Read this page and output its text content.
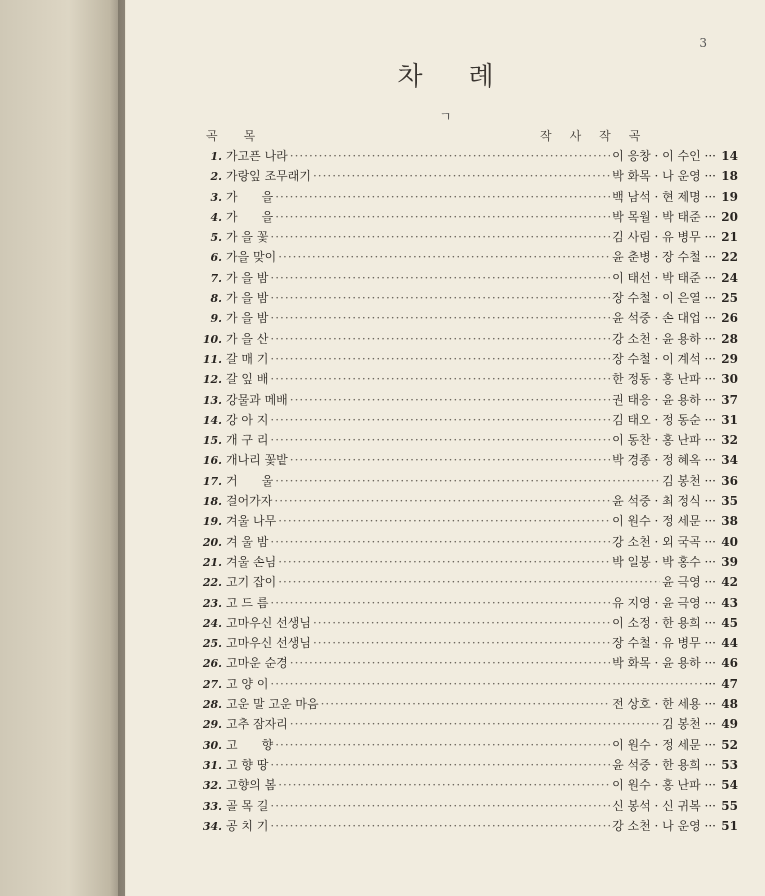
3
차례
ㄱ
곡목	작사작곡
1. 가고픈 나라 ·····	이 응창 · 이 수인 ··· 14
2. 가랑잎 조무래기 ·····	박 화목 · 나 운영 ··· 18
3. 가　　을 ·····	백 남석 · 현 제명 ··· 19
4. 가　　을 ·····	박 목월 · 박 태준 ··· 20
5. 가 을 꽃 ·····	김 사림 · 유 병무 ··· 21
6. 가을 맞이 ·····	윤 춘병 · 장 수철 ··· 22
7. 가 을 밤 ·····	이 태선 · 박 태준 ··· 24
8. 가 을 밤 ·····	장 수철 · 이 은열 ··· 25
9. 가 을 밤 ·····	윤 석중 · 손 대업 ··· 26
10. 가 을 산 ·····	강 소천 · 윤 용하 ··· 28
11. 갈 매 기 ·····	장 수철 · 이 계석 ··· 29
12. 갈 잎 배 ·····	한 정동 · 홍 난파 ··· 30
13. 강물과 메배 ·····	권 태응 · 윤 용하 ··· 37
14. 강 아 지 ·····	김 태오 · 정 동순 ··· 31
15. 개 구 리 ·····	이 동찬 · 홍 난파 ··· 32
16. 개나리 꽃밭 ·····	박 경종 · 정 혜옥 ··· 34
17. 거　　울 ·····	김 봉천 ··· 36
18. 걸어가자 ·····	윤 석중 · 최 정식 ··· 35
19. 겨울 나무 ·····	이 원수 · 정 세문 ··· 38
20. 겨 울 밤 ·····	강 소천 · 외 국곡 ··· 40
21. 겨울 손님 ·····	박 일봉 · 박 홍수 ··· 39
22. 고기 잡이 ·····	윤 극영 ··· 42
23. 고 드 름 ·····	유 지영 · 윤 극영 ··· 43
24. 고마우신 선생님 ·····	이 소정 · 한 용희 ··· 45
25. 고마우신 선생님 ·····	장 수철 · 유 병무 ··· 44
26. 고마운 순경 ·····	박 화목 · 윤 용하 ··· 46
27. 고 양 이 ·····	··· 47
28. 고운 말 고운 마음 ·····	전 상호 · 한 세용 ··· 48
29. 고추 잠자리 ·····	김 봉천 ··· 49
30. 고　　향 ·····	이 원수 · 정 세문 ··· 52
31. 고 향 땅 ·····	윤 석중 · 한 용희 ··· 53
32. 고향의 봄 ·····	이 원수 · 홍 난파 ··· 54
33. 골 목 길 ·····	신 봉석 · 신 귀복 ··· 55
34. 공 치 기 ·····	강 소천 · 나 운영 ··· 51
